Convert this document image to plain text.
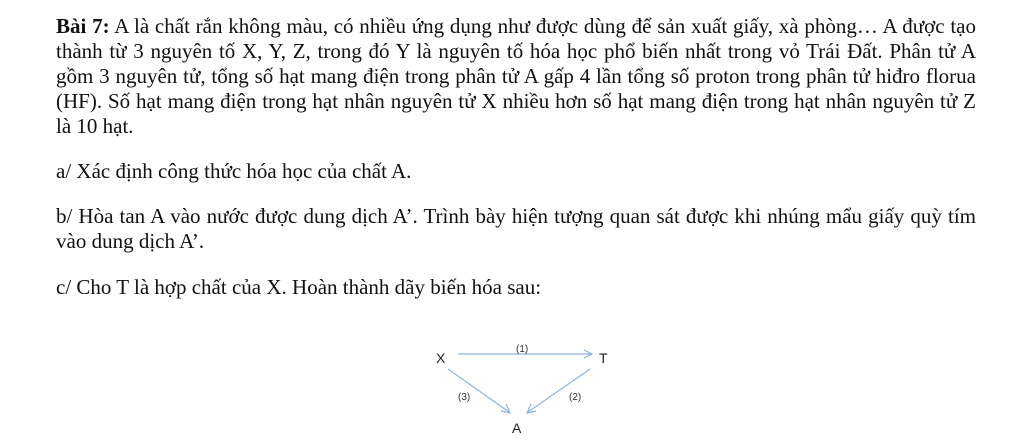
Bài 7: A là chất rắn không màu, có nhiều ứng dụng như được dùng để sản xuất giấy, xà phòng… A được tạo thành từ 3 nguyên tố X, Y, Z, trong đó Y là nguyên tố hóa học phổ biến nhất trong vỏ Trái Đất. Phân tử A gồm 3 nguyên tử, tổng số hạt mang điện trong phân tử A gấp 4 lần tổng số proton trong phân tử hiđro florua (HF). Số hạt mang điện trong hạt nhân nguyên tử X nhiều hơn số hạt mang điện trong hạt nhân nguyên tử Z là 10 hạt.

a/ Xác định công thức hóa học của chất A.

b/ Hòa tan A vào nước được dung dịch A’. Trình bày hiện tượng quan sát được khi nhúng mẩu giấy quỳ tím vào dung dịch A’.

c/ Cho T là hợp chất của X. Hoàn thành dãy biến hóa sau:

X	T
A
(1)
(2)
(3)
